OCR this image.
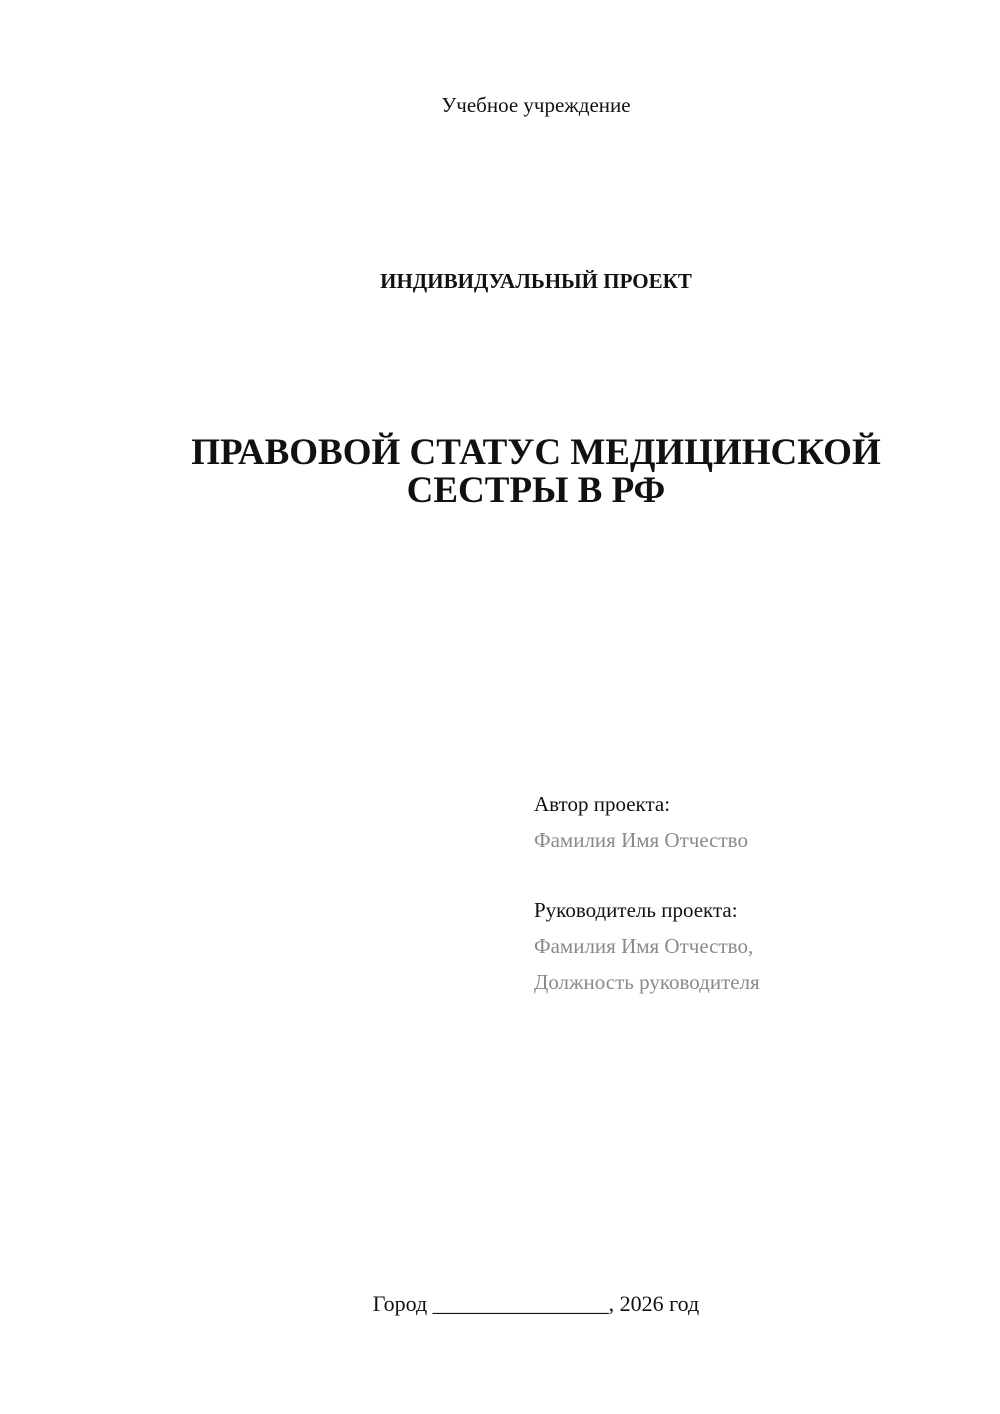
Учебное учреждение
ИНДИВИДУАЛЬНЫЙ ПРОЕКТ
ПРАВОВОЙ СТАТУС МЕДИЦИНСКОЙ
СЕСТРЫ В РФ
Автор проекта:
Фамилия Имя Отчество
Руководитель проекта:
Фамилия Имя Отчество,
Должность руководителя
Город ________________, 2026 год
